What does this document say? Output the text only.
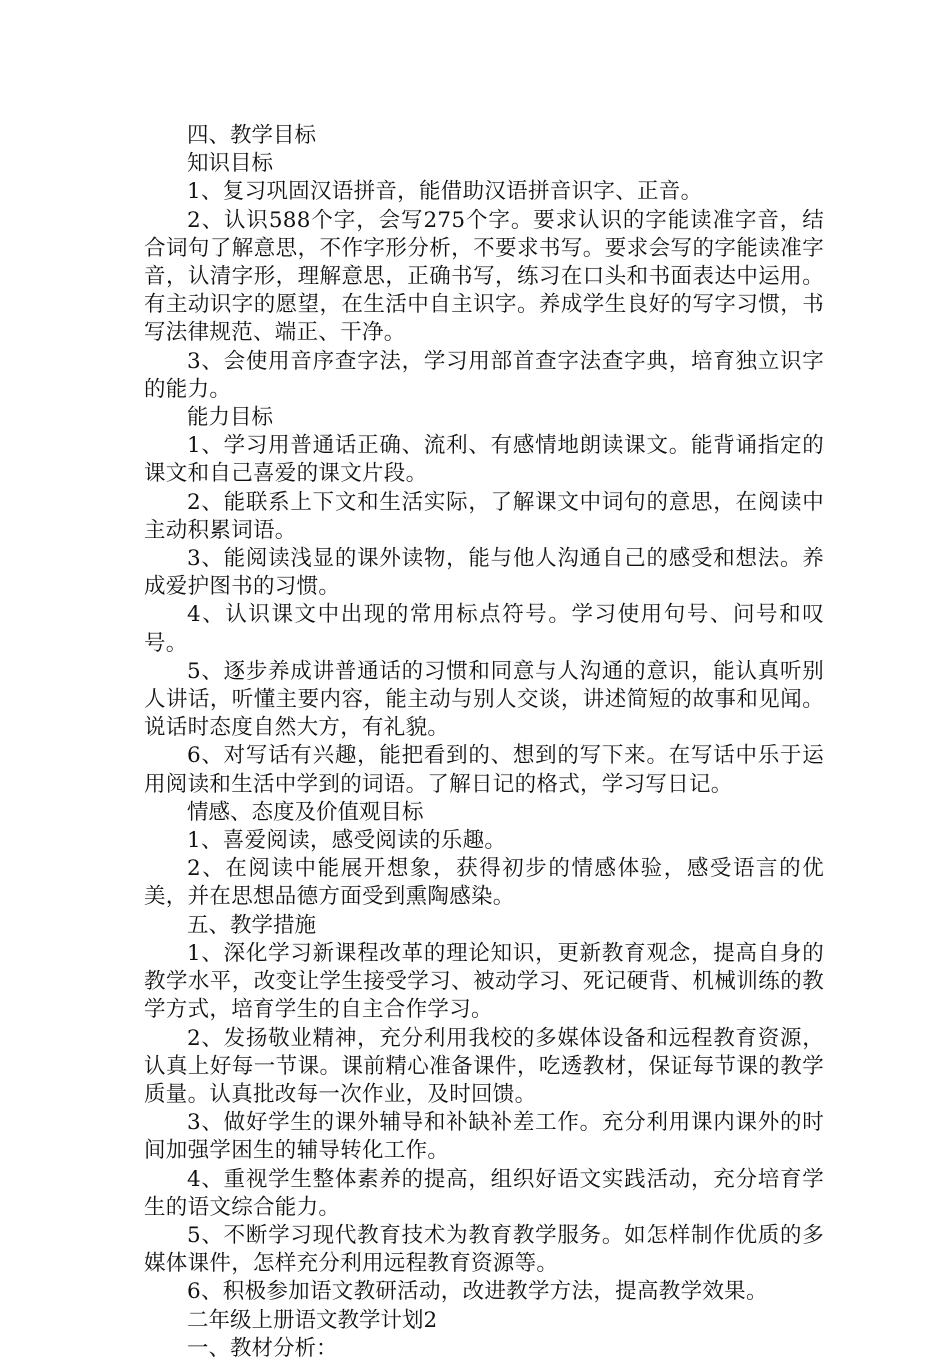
四、教学目标

知识目标

1、复习巩固汉语拼音，能借助汉语拼音识字、正音。

2、认识588个字，会写275个字。要求认识的字能读准字音，结合词句了解意思，不作字形分析，不要求书写。要求会写的字能读准字音，认清字形，理解意思，正确书写，练习在口头和书面表达中运用。有主动识字的愿望，在生活中自主识字。养成学生良好的写字习惯，书写法律规范、端正、干净。

3、会使用音序查字法，学习用部首查字法查字典，培育独立识字的能力。

能力目标

1、学习用普通话正确、流利、有感情地朗读课文。能背诵指定的课文和自己喜爱的课文片段。

2、能联系上下文和生活实际，了解课文中词句的意思，在阅读中主动积累词语。

3、能阅读浅显的课外读物，能与他人沟通自己的感受和想法。养成爱护图书的习惯。

4、认识课文中出现的常用标点符号。学习使用句号、问号和叹号。

5、逐步养成讲普通话的习惯和同意与人沟通的意识，能认真听别人讲话，听懂主要内容，能主动与别人交谈，讲述简短的故事和见闻。说话时态度自然大方，有礼貌。

6、对写话有兴趣，能把看到的、想到的写下来。在写话中乐于运用阅读和生活中学到的词语。了解日记的格式，学习写日记。

情感、态度及价值观目标

1、喜爱阅读，感受阅读的乐趣。

2、在阅读中能展开想象，获得初步的情感体验，感受语言的优美，并在思想品德方面受到熏陶感染。

五、教学措施

1、深化学习新课程改革的理论知识，更新教育观念，提高自身的教学水平，改变让学生接受学习、被动学习、死记硬背、机械训练的教学方式，培育学生的自主合作学习。

2、发扬敬业精神，充分利用我校的多媒体设备和远程教育资源，认真上好每一节课。课前精心准备课件，吃透教材，保证每节课的教学质量。认真批改每一次作业，及时回馈。

3、做好学生的课外辅导和补缺补差工作。充分利用课内课外的时间加强学困生的辅导转化工作。

4、重视学生整体素养的提高，组织好语文实践活动，充分培育学生的语文综合能力。

5、不断学习现代教育技术为教育教学服务。如怎样制作优质的多媒体课件，怎样充分利用远程教育资源等。

6、积极参加语文教研活动，改进教学方法，提高教学效果。

二年级上册语文教学计划2

一、教材分析：
